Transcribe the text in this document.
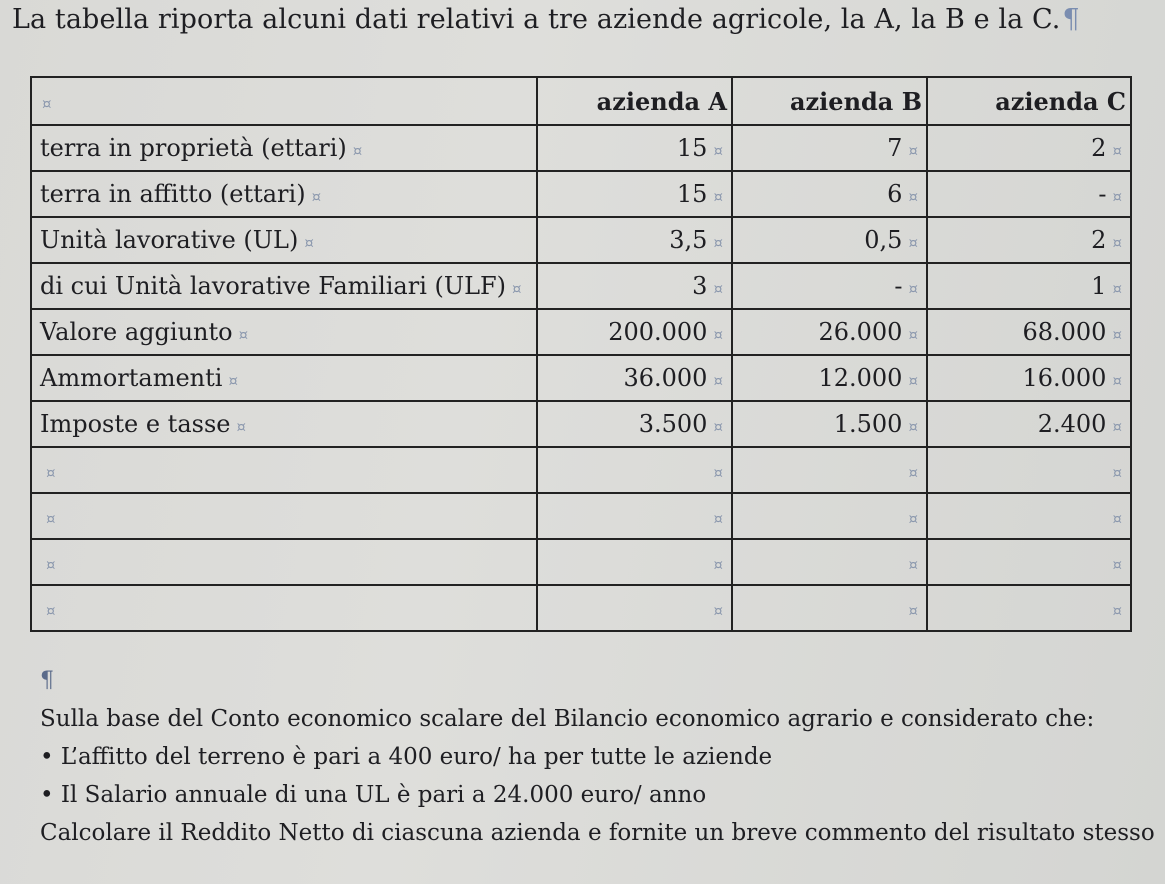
La tabella riporta alcuni dati relativi a tre aziende agricole, la A, la B e la C.¶
¤	azienda A	azienda B	azienda C
terra in proprietà (ettari) ¤	15 ¤	7 ¤	2 ¤
terra in affitto (ettari) ¤	15 ¤	6 ¤	- ¤
Unità lavorative (UL) ¤	3,5 ¤	0,5 ¤	2 ¤
di cui Unità lavorative Familiari (ULF) ¤	3 ¤	- ¤	1 ¤
Valore aggiunto ¤	200.000 ¤	26.000 ¤	68.000 ¤
Ammortamenti ¤	36.000 ¤	12.000 ¤	16.000 ¤
Imposte e tasse ¤	3.500 ¤	1.500 ¤	2.400 ¤
¤	¤	¤	¤
¤	¤	¤	¤
¤	¤	¤	¤
¤	¤	¤	¤
¶
Sulla base del Conto economico scalare del Bilancio economico agrario e considerato che:
• L’affitto del terreno è pari a 400 euro/ ha per tutte le aziende
• Il Salario annuale di una UL è pari a 24.000 euro/ anno
Calcolare il Reddito Netto di ciascuna azienda e fornite un breve commento del risultato stesso
